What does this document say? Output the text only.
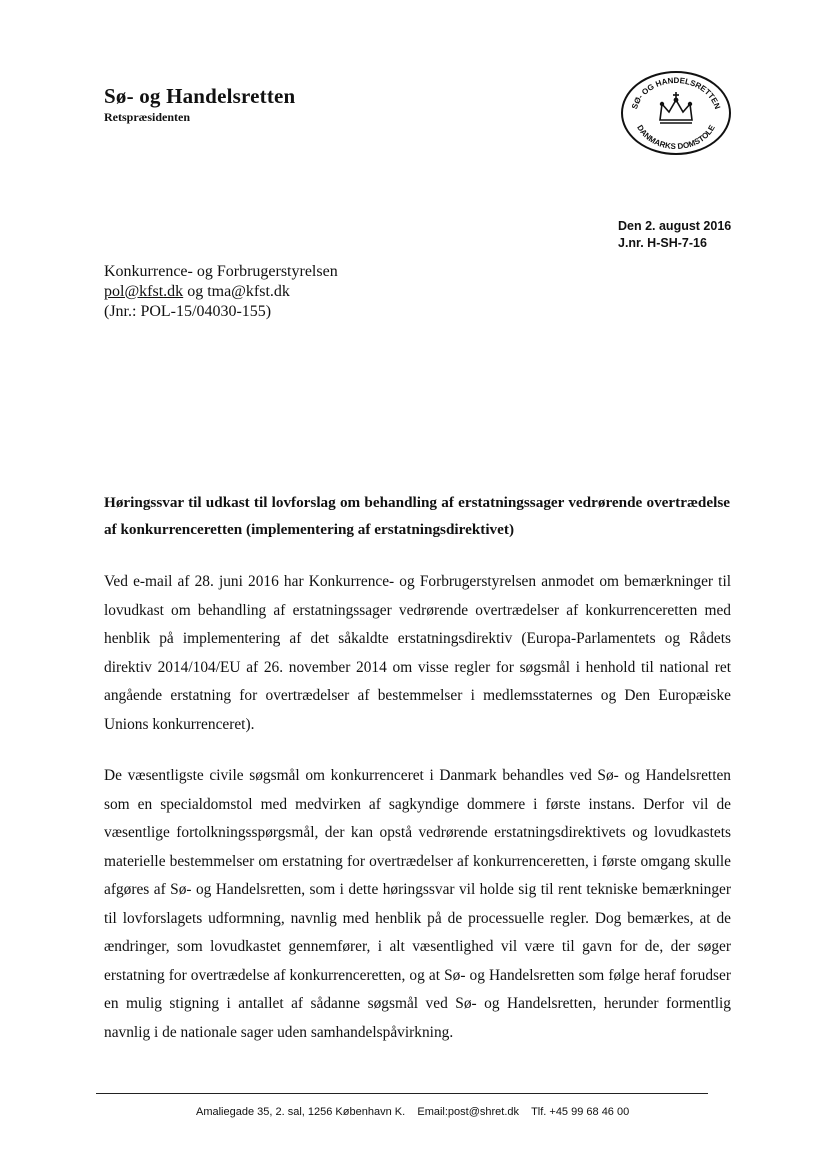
Sø- og Handelsretten
Retspræsidenten
SØ- OG HANDELSRETTEN
DANMARKS DOMSTOLE
Den 2. august 2016
J.nr. H-SH-7-16
Konkurrence- og Forbrugerstyrelsen
pol@kfst.dk og tma@kfst.dk
(Jnr.: POL-15/04030-155)
Høringssvar til udkast til lovforslag om behandling af erstatningssager vedrørende overtrædelse af konkurrenceretten (implementering af erstatningsdirektivet)
Ved e-mail af 28. juni 2016 har Konkurrence- og Forbrugerstyrelsen anmodet om bemærkninger til lovudkast om behandling af erstatningssager vedrørende overtrædelser af konkurrenceretten med henblik på implementering af det såkaldte erstatningsdirektiv (Europa-Parlamentets og Rådets direktiv 2014/104/EU af 26. november 2014 om visse regler for søgsmål i henhold til national ret angående erstatning for overtrædelser af bestemmelser i medlemsstaternes og Den Europæiske Unions konkurrenceret).
De væsentligste civile søgsmål om konkurrenceret i Danmark behandles ved Sø- og Handelsretten som en specialdomstol med medvirken af sagkyndige dommere i første instans. Derfor vil de væsentlige fortolkningsspørgsmål, der kan opstå vedrørende erstatningsdirektivets og lovudkastets materielle bestemmelser om erstatning for overtrædelser af konkurrenceretten, i første omgang skulle afgøres af Sø- og Handelsretten, som i dette høringssvar vil holde sig til rent tekniske bemærkninger til lovforslagets udformning, navnlig med henblik på de processuelle regler. Dog bemærkes, at de ændringer, som lovudkastet gennemfører, i alt væsentlighed vil være til gavn for de, der søger erstatning for overtrædelse af konkurrenceretten, og at Sø- og Handelsretten som følge heraf forudser en mulig stigning i antallet af sådanne søgsmål ved Sø- og Handelsretten, herunder formentlig navnlig i de nationale sager uden samhandelspåvirkning.
Amaliegade 35, 2. sal, 1256 København K. Email:post@shret.dk Tlf. +45 99 68 46 00
